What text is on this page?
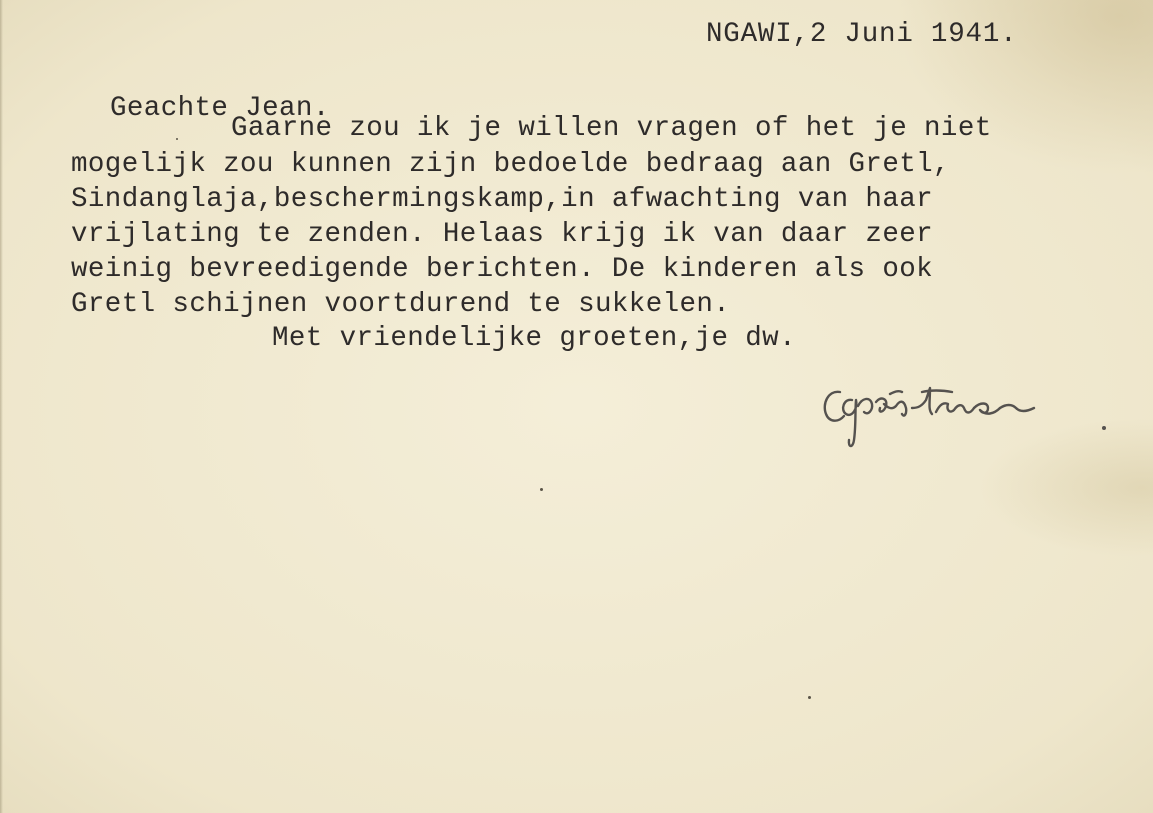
NGAWI,2 Juni 1941.
Geachte Jean.
Gaarne zou ik je willen vragen of het je niet
mogelijk zou kunnen zijn bedoelde bedraag aan Gretl,
Sindanglaja,beschermingskamp,in afwachting van haar
vrijlating te zenden. Helaas krijg ik van daar zeer
weinig bevreedigende berichten. De kinderen als ook
Gretl schijnen voortdurend te sukkelen.
Met vriendelijke groeten,je dw.
